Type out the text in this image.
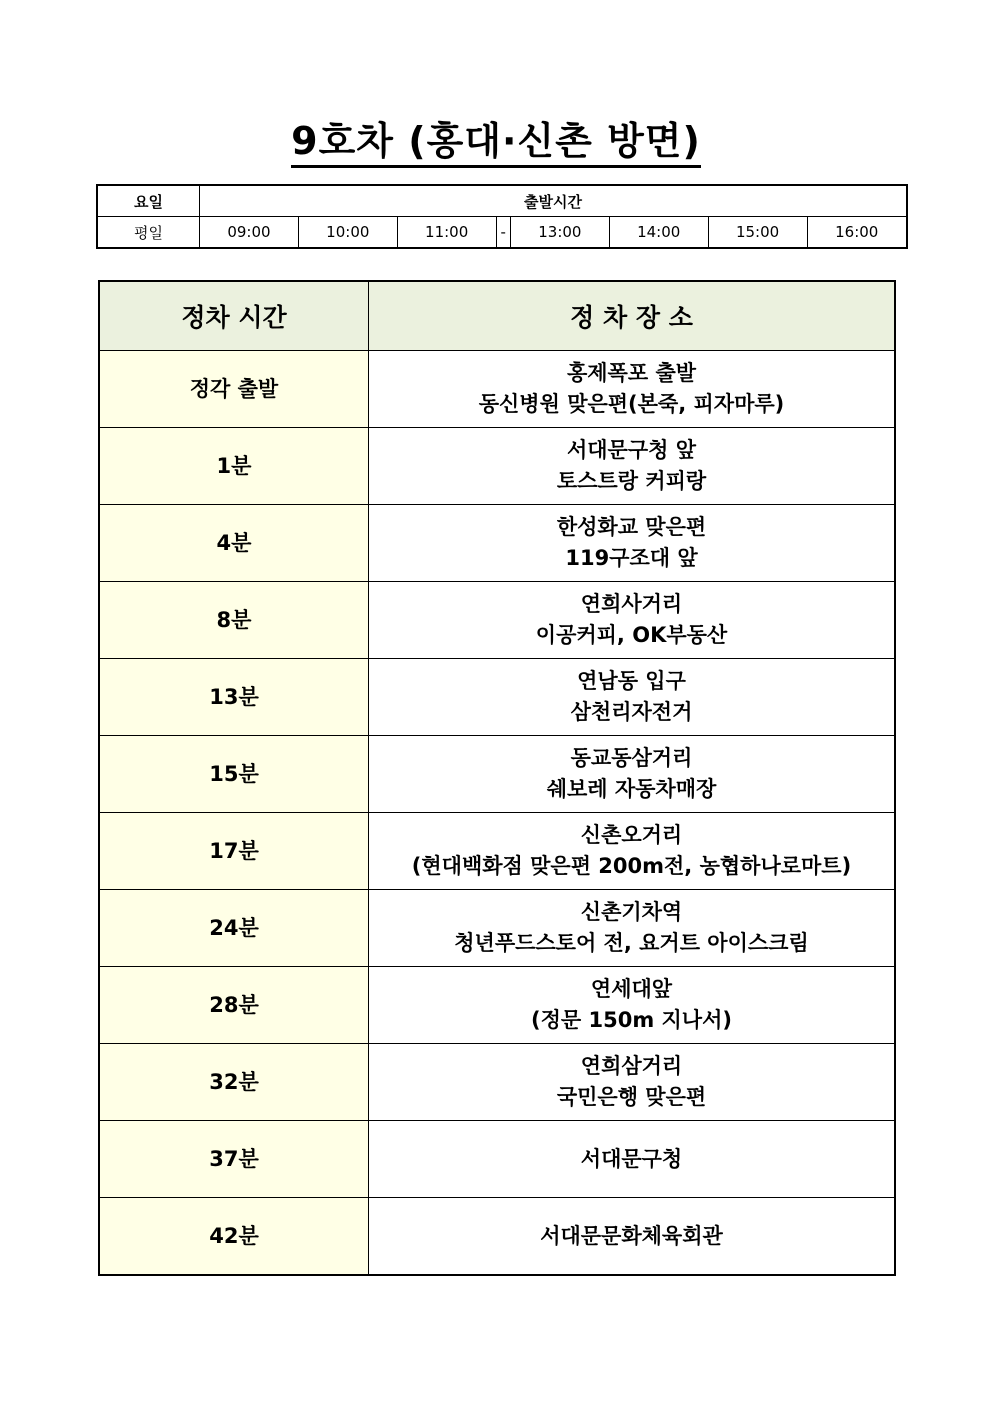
9호차 (홍대·신촌 방면)
요일	출발시간							
평일	09:00	10:00	11:00	-	13:00	14:00	15:00	16:00
정차 시간	정 차 장 소
정각 출발	홍제폭포 출발
동신병원 맞은편(본죽, 피자마루)

1분	서대문구청 앞
토스트랑 커피랑

4분	한성화교 맞은편
119구조대 앞

8분	연희사거리
이공커피, OK부동산

13분	연남동 입구
삼천리자전거

15분	동교동삼거리
쉐보레 자동차매장

17분	신촌오거리
(현대백화점 맞은편 200m전, 농협하나로마트)

24분	신촌기차역
청년푸드스토어 전, 요거트 아이스크림

28분	연세대앞
(정문 150m 지나서)

32분	연희삼거리
국민은행 맞은편

37분	서대문구청

42분	서대문문화체육회관
